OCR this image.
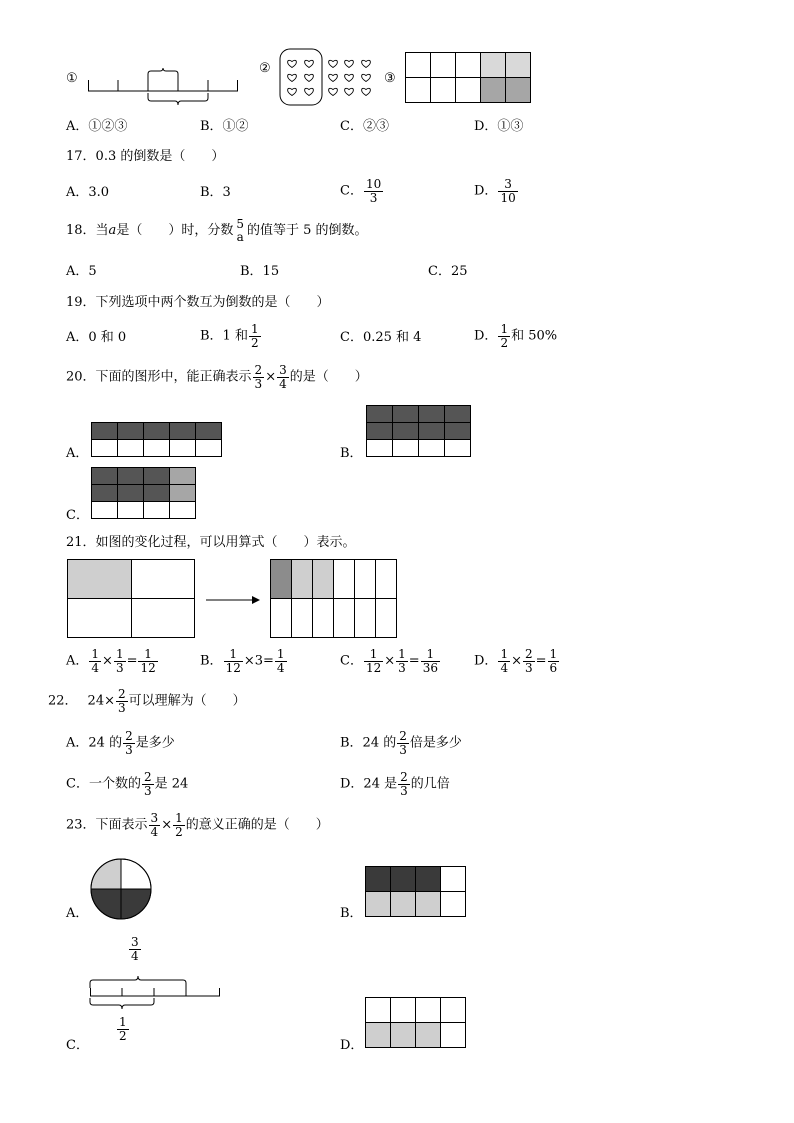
①
②
③
A．①②③	B．①②	C．②③	D．①③
17．0.3 的倒数是（　　）
A．3.0	B．3	C． $\frac{10}{3}$	D． $\frac{3}{10}$
18．当a是（　　）时，分数 5
a 的值等于 5 的倒数。
A．5	B．15	C．25
19．下列选项中两个数互为倒数的是（　　）
A．0 和 0	B．1 和 $\frac{1}{2}$	C．0.25 和 4	D． $\frac{1}{2}$ 和 50%
20．下面的图形中，能正确表示 $\frac{2}{3} \times \frac{3}{4}$ 的是（　　）
A．	B．
C．
21．如图的变化过程，可以用算式（　　）表示。
A． $\frac{1}{4} \times \frac{1}{3} = \frac{1}{12}$	B． $\frac{1}{12} \times 3= \frac{1}{4}$	C． $\frac{1}{12} \times \frac{1}{3} = \frac{1}{36}$	D． $\frac{1}{4} \times \frac{2}{3} = \frac{1}{6}$
22． $24\times \frac{2}{3}$ 可以理解为（　　）
A．24 的 $\frac{2}{3}$ 是多少	B．24 的 $\frac{2}{3}$ 倍是多少
C．一个数的 $\frac{2}{3}$ 是 24	D．24 是 $\frac{2}{3}$ 的几倍
23．下面表示 $\frac{3}{4} \times \frac{1}{2}$ 的意义正确的是（　　）
A．	B．
C．
$\frac{3}{4}$
$\frac{1}{2}$
D．
